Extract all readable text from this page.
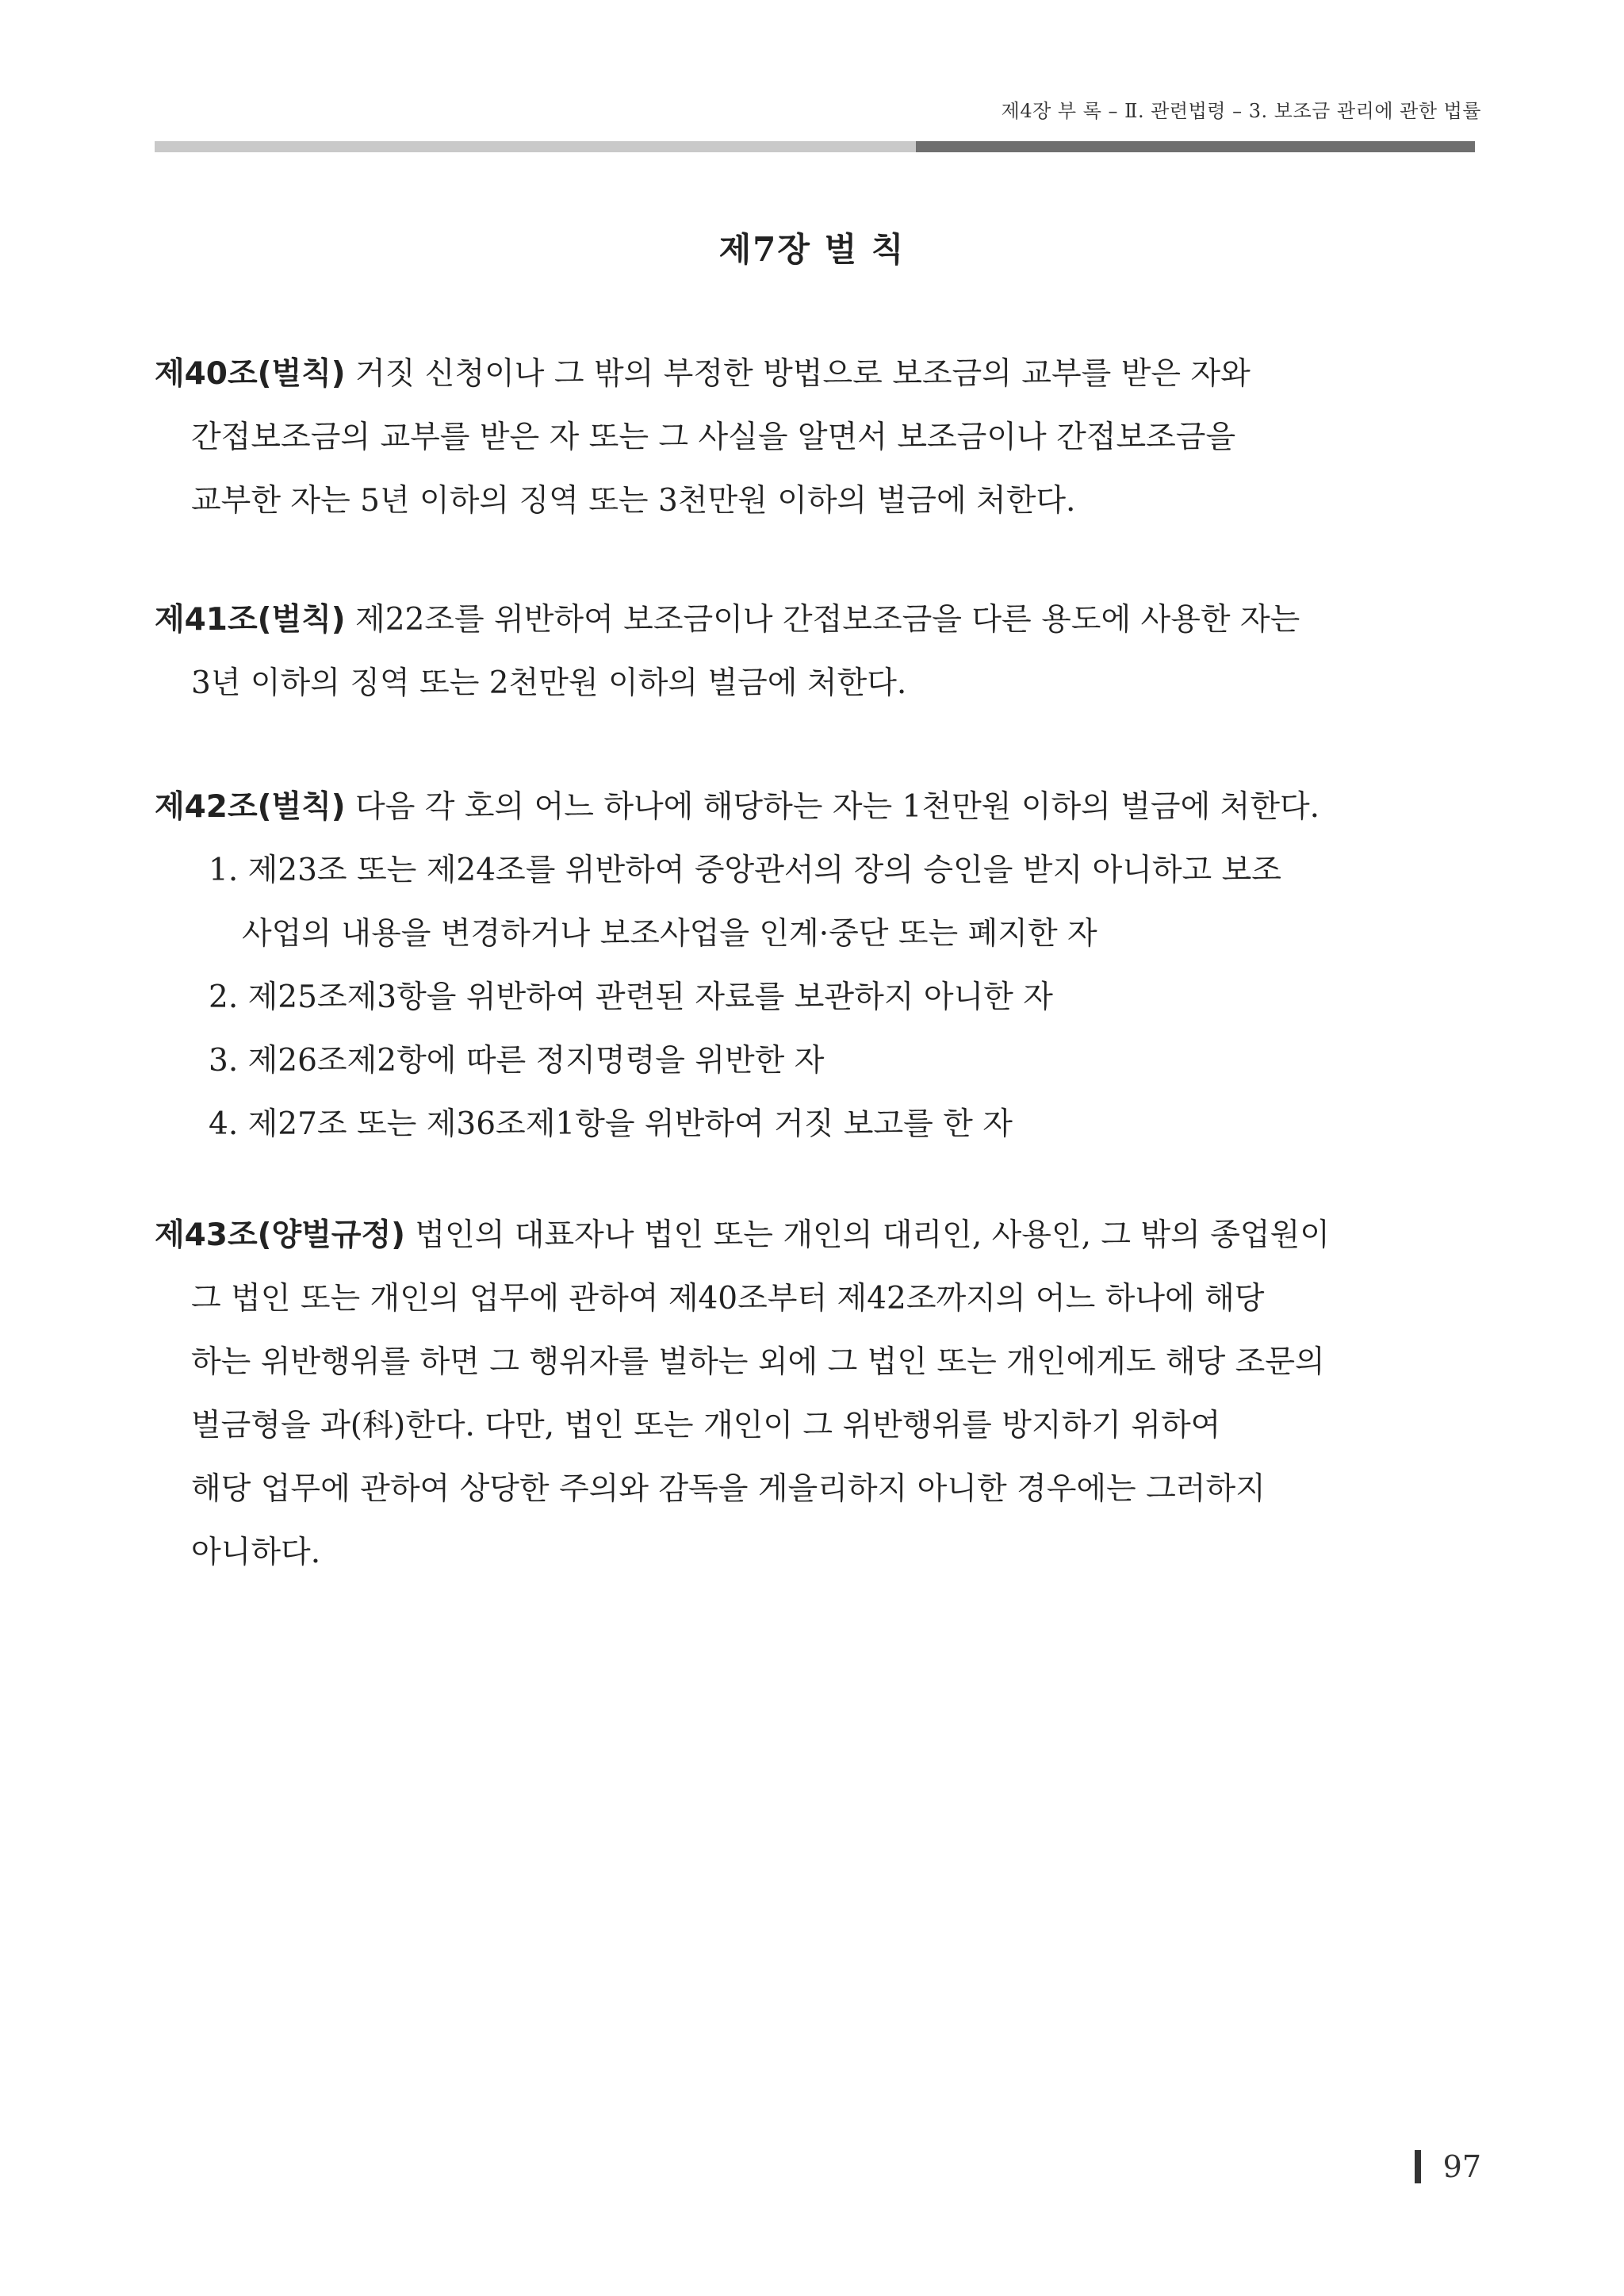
제4장 부 록 – Ⅱ. 관련법령 – 3. 보조금 관리에 관한 법률
제7장 벌 칙
제40조(벌칙) 거짓 신청이나 그 밖의 부정한 방법으로 보조금의 교부를 받은 자와
간접보조금의 교부를 받은 자 또는 그 사실을 알면서 보조금이나 간접보조금을
교부한 자는 5년 이하의 징역 또는 3천만원 이하의 벌금에 처한다.
제41조(벌칙) 제22조를 위반하여 보조금이나 간접보조금을 다른 용도에 사용한 자는
3년 이하의 징역 또는 2천만원 이하의 벌금에 처한다.
제42조(벌칙) 다음 각 호의 어느 하나에 해당하는 자는 1천만원 이하의 벌금에 처한다.
1. 제23조 또는 제24조를 위반하여 중앙관서의 장의 승인을 받지 아니하고 보조
사업의 내용을 변경하거나 보조사업을 인계·중단 또는 폐지한 자
2. 제25조제3항을 위반하여 관련된 자료를 보관하지 아니한 자
3. 제26조제2항에 따른 정지명령을 위반한 자
4. 제27조 또는 제36조제1항을 위반하여 거짓 보고를 한 자
제43조(양벌규정) 법인의 대표자나 법인 또는 개인의 대리인, 사용인, 그 밖의 종업원이
그 법인 또는 개인의 업무에 관하여 제40조부터 제42조까지의 어느 하나에 해당
하는 위반행위를 하면 그 행위자를 벌하는 외에 그 법인 또는 개인에게도 해당 조문의
벌금형을 과(科)한다. 다만, 법인 또는 개인이 그 위반행위를 방지하기 위하여
해당 업무에 관하여 상당한 주의와 감독을 게을리하지 아니한 경우에는 그러하지
아니하다.
97
